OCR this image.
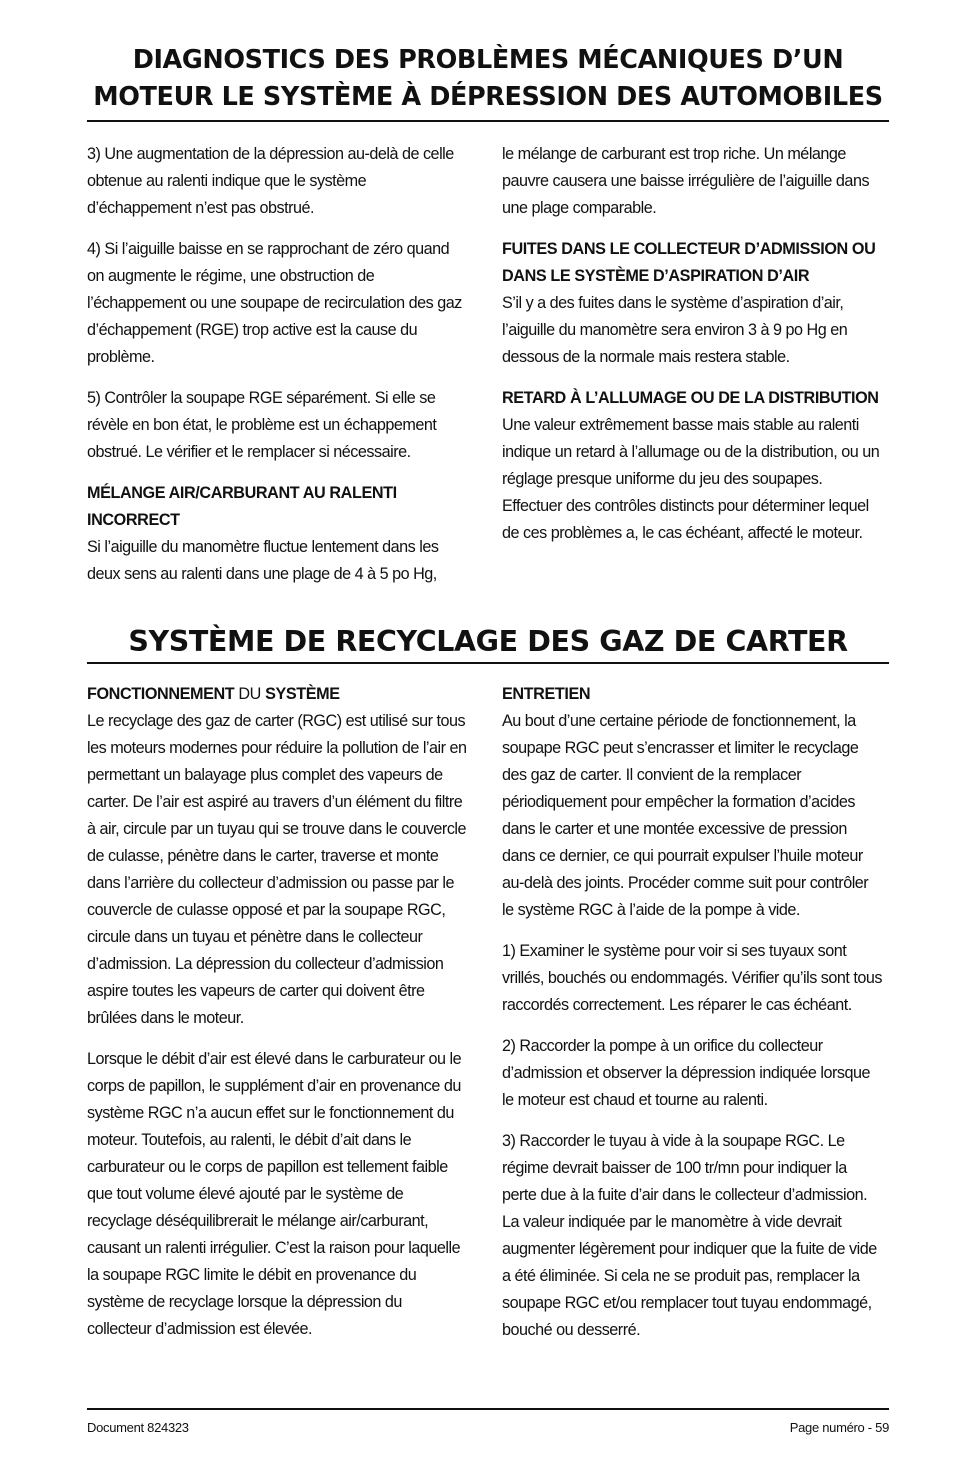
DIAGNOSTICS DES PROBLÈMES MÉCANIQUES D’UN
MOTEUR LE SYSTÈME À DÉPRESSION DES AUTOMOBILES

3) Une augmentation de la dépression au-delà de celle obtenue au ralenti indique que le système d’échappement n’est pas obstrué.

4) Si l’aiguille baisse en se rapprochant de zéro quand on augmente le régime, une obstruction de l’échappement ou une soupape de recirculation des gaz d’échappement (RGE) trop active est la cause du problème.

5) Contrôler la soupape RGE séparément. Si elle se révèle en bon état, le problème est un échappement obstrué. Le vérifier et le remplacer si nécessaire.

MÉLANGE AIR/CARBURANT AU RALENTI INCORRECT

Si l’aiguille du manomètre fluctue lentement dans les deux sens au ralenti dans une plage de 4 à 5 po Hg,

le mélange de carburant est trop riche. Un mélange pauvre causera une baisse irrégulière de l’aiguille dans une plage comparable.

FUITES DANS LE COLLECTEUR D’ADMISSION OU DANS LE SYSTÈME D’ASPIRATION D’AIR

S’il y a des fuites dans le système d’aspiration d’air, l’aiguille du manomètre sera environ 3 à 9 po Hg en dessous de la normale mais restera stable.

RETARD À L’ALLUMAGE OU DE LA DISTRIBUTION

Une valeur extrêmement basse mais stable au ralenti indique un retard à l’allumage ou de la distribution, ou un réglage presque uniforme du jeu des soupapes. Effectuer des contrôles distincts pour déterminer lequel de ces problèmes a, le cas échéant, affecté le moteur.

SYSTÈME DE RECYCLAGE DES GAZ DE CARTER
FONCTIONNEMENT DU SYSTÈME

Le recyclage des gaz de carter (RGC) est utilisé sur tous les moteurs modernes pour réduire la pollution de l’air en permettant un balayage plus complet des vapeurs de carter. De l’air est aspiré au travers d’un élément du filtre à air, circule par un tuyau qui se trouve dans le couvercle de culasse, pénètre dans le carter, traverse et monte dans l’arrière du collecteur d’admission ou passe par le couvercle de culasse opposé et par la soupape RGC, circule dans un tuyau et pénètre dans le collecteur d’admission. La dépression du collecteur d’admission aspire toutes les vapeurs de carter qui doivent être brûlées dans le moteur.

Lorsque le débit d’air est élevé dans le carburateur ou le corps de papillon, le supplément d’air en provenance du système RGC n’a aucun effet sur le fonctionnement du moteur. Toutefois, au ralenti, le débit d’ait dans le carburateur ou le corps de papillon est tellement faible que tout volume élevé ajouté par le système de recyclage déséquilibrerait le mélange air/carburant, causant un ralenti irrégulier. C’est la raison pour laquelle la soupape RGC limite le débit en provenance du système de recyclage lorsque la dépression du collecteur d’admission est élevée.

ENTRETIEN

Au bout d’une certaine période de fonctionnement, la soupape RGC peut s’encrasser et limiter le recyclage des gaz de carter. Il convient de la remplacer périodiquement pour empêcher la formation d’acides dans le carter et une montée excessive de pression dans ce dernier, ce qui pourrait expulser l’huile moteur au-delà des joints. Procéder comme suit pour contrôler le système RGC à l’aide de la pompe à vide.

1) Examiner le système pour voir si ses tuyaux sont vrillés, bouchés ou endommagés. Vérifier qu’ils sont tous raccordés correctement. Les réparer le cas échéant.

2) Raccorder la pompe à un orifice du collecteur d’admission et observer la dépression indiquée lorsque le moteur est chaud et tourne au ralenti.

3) Raccorder le tuyau à vide à la soupape RGC. Le régime devrait baisser de 100 tr/mn pour indiquer la perte due à la fuite d’air dans le collecteur d’admission. La valeur indiquée par le manomètre à vide devrait augmenter légèrement pour indiquer que la fuite de vide a été éliminée. Si cela ne se produit pas, remplacer la soupape RGC et/ou remplacer tout tuyau endommagé, bouché ou desserré.

Document 824323	Page numéro - 59
